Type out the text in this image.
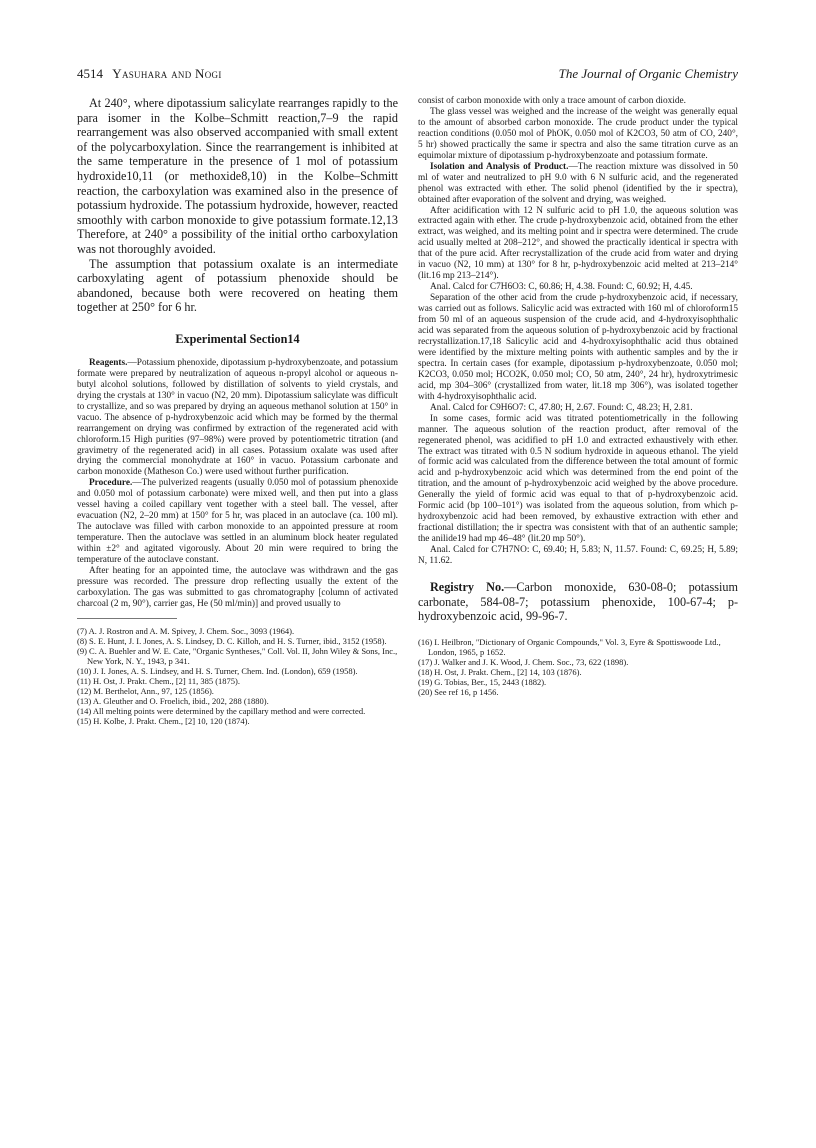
4514 Yasuhara and Nogi	The Journal of Organic Chemistry

At 240°, where dipotassium salicylate rearranges rapidly to the para isomer in the Kolbe–Schmitt reaction,7–9 the rapid rearrangement was also observed accompanied with small extent of the polycarboxylation. Since the rearrangement is inhibited at the same temperature in the presence of 1 mol of potassium hydroxide10,11 (or methoxide8,10) in the Kolbe–Schmitt reaction, the carboxylation was examined also in the presence of potassium hydroxide. The potassium hydroxide, however, reacted smoothly with carbon monoxide to give potassium formate.12,13 Therefore, at 240° a possibility of the initial ortho carboxylation was not thoroughly avoided.

The assumption that potassium oxalate is an intermediate carboxylating agent of potassium phenoxide should be abandoned, because both were recovered on heating them together at 250° for 6 hr.

Experimental Section14

Reagents.—Potassium phenoxide, dipotassium p-hydroxybenzoate, and potassium formate were prepared by neutralization of aqueous n-propyl alcohol or aqueous n-butyl alcohol solutions, followed by distillation of solvents to yield crystals, and drying the crystals at 130° in vacuo (N2, 20 mm). Dipotassium salicylate was difficult to crystallize, and so was prepared by drying an aqueous methanol solution at 150° in vacuo. The absence of p-hydroxybenzoic acid which may be formed by the thermal rearrangement on drying was confirmed by extraction of the regenerated acid with chloroform.15 High purities (97–98%) were proved by potentiometric titration (and gravimetry of the regenerated acid) in all cases. Potassium oxalate was used after drying the commercial monohydrate at 160° in vacuo. Potassium carbonate and carbon monoxide (Matheson Co.) were used without further purification.

Procedure.—The pulverized reagents (usually 0.050 mol of potassium phenoxide and 0.050 mol of potassium carbonate) were mixed well, and then put into a glass vessel having a coiled capillary vent together with a steel ball. The vessel, after evacuation (N2, 2–20 mm) at 150° for 5 hr, was placed in an autoclave (ca. 100 ml). The autoclave was filled with carbon monoxide to an appointed pressure at room temperature. Then the autoclave was settled in an aluminum block heater regulated within ±2° and agitated vigorously. About 20 min were required to bring the temperature of the autoclave constant.

After heating for an appointed time, the autoclave was withdrawn and the gas pressure was recorded. The pressure drop reflecting usually the extent of the carboxylation. The gas was submitted to gas chromatography [column of activated charcoal (2 m, 90°), carrier gas, He (50 ml/min)] and proved usually to

(7) A. J. Rostron and A. M. Spivey, J. Chem. Soc., 3093 (1964).

(8) S. E. Hunt, J. I. Jones, A. S. Lindsey, D. C. Killoh, and H. S. Turner, ibid., 3152 (1958).

(9) C. A. Buehler and W. E. Cate, "Organic Syntheses," Coll. Vol. II, John Wiley & Sons, Inc., New York, N. Y., 1943, p 341.

(10) J. I. Jones, A. S. Lindsey, and H. S. Turner, Chem. Ind. (London), 659 (1958).

(11) H. Ost, J. Prakt. Chem., [2] 11, 385 (1875).

(12) M. Berthelot, Ann., 97, 125 (1856).

(13) A. Gleuther and O. Froelich, ibid., 202, 288 (1880).

(14) All melting points were determined by the capillary method and were corrected.

(15) H. Kolbe, J. Prakt. Chem., [2] 10, 120 (1874).

consist of carbon monoxide with only a trace amount of carbon dioxide.

The glass vessel was weighed and the increase of the weight was generally equal to the amount of absorbed carbon monoxide. The crude product under the typical reaction conditions (0.050 mol of PhOK, 0.050 mol of K2CO3, 50 atm of CO, 240°, 5 hr) showed practically the same ir spectra and also the same titration curve as an equimolar mixture of dipotassium p-hydroxybenzoate and potassium formate.

Isolation and Analysis of Product.—The reaction mixture was dissolved in 50 ml of water and neutralized to pH 9.0 with 6 N sulfuric acid, and the regenerated phenol was extracted with ether. The solid phenol (identified by the ir spectra), obtained after evaporation of the solvent and drying, was weighed.

After acidification with 12 N sulfuric acid to pH 1.0, the aqueous solution was extracted again with ether. The crude p-hydroxybenzoic acid, obtained from the ether extract, was weighed, and its melting point and ir spectra were determined. The crude acid usually melted at 208–212°, and showed the practically identical ir spectra with that of the pure acid. After recrystallization of the crude acid from water and drying in vacuo (N2, 10 mm) at 130° for 8 hr, p-hydroxybenzoic acid melted at 213–214° (lit.16 mp 213–214°).

Anal. Calcd for C7H6O3: C, 60.86; H, 4.38. Found: C, 60.92; H, 4.45.

Separation of the other acid from the crude p-hydroxybenzoic acid, if necessary, was carried out as follows. Salicylic acid was extracted with 160 ml of chloroform15 from 50 ml of an aqueous suspension of the crude acid, and 4-hydroxyisophthalic acid was separated from the aqueous solution of p-hydroxybenzoic acid by fractional recrystallization.17,18 Salicylic acid and 4-hydroxyisophthalic acid thus obtained were identified by the mixture melting points with authentic samples and by the ir spectra. In certain cases (for example, dipotassium p-hydroxybenzoate, 0.050 mol; K2CO3, 0.050 mol; HCO2K, 0.050 mol; CO, 50 atm, 240°, 24 hr), hydroxytrimesic acid, mp 304–306° (crystallized from water, lit.18 mp 306°), was isolated together with 4-hydroxyisophthalic acid.

Anal. Calcd for C9H6O7: C, 47.80; H, 2.67. Found: C, 48.23; H, 2.81.

In some cases, formic acid was titrated potentiometrically in the following manner. The aqueous solution of the reaction product, after removal of the regenerated phenol, was acidified to pH 1.0 and extracted exhaustively with ether. The extract was titrated with 0.5 N sodium hydroxide in aqueous ethanol. The yield of formic acid was calculated from the difference between the total amount of formic acid and p-hydroxybenzoic acid which was determined from the end point of the titration, and the amount of p-hydroxybenzoic acid weighed by the above procedure. Generally the yield of formic acid was equal to that of p-hydroxybenzoic acid. Formic acid (bp 100–101°) was isolated from the aqueous solution, from which p-hydroxybenzoic acid had been removed, by exhaustive extraction with ether and fractional distillation; the ir spectra was consistent with that of an authentic sample; the anilide19 had mp 46–48° (lit.20 mp 50°).

Anal. Calcd for C7H7NO: C, 69.40; H, 5.83; N, 11.57. Found: C, 69.25; H, 5.89; N, 11.62.

Registry No.—Carbon monoxide, 630-08-0; potassium carbonate, 584-08-7; potassium phenoxide, 100-67-4; p-hydroxybenzoic acid, 99-96-7.

(16) I. Heilbron, "Dictionary of Organic Compounds," Vol. 3, Eyre & Spottiswoode Ltd., London, 1965, p 1652.

(17) J. Walker and J. K. Wood, J. Chem. Soc., 73, 622 (1898).

(18) H. Ost, J. Prakt. Chem., [2] 14, 103 (1876).

(19) G. Tobias, Ber., 15, 2443 (1882).

(20) See ref 16, p 1456.
